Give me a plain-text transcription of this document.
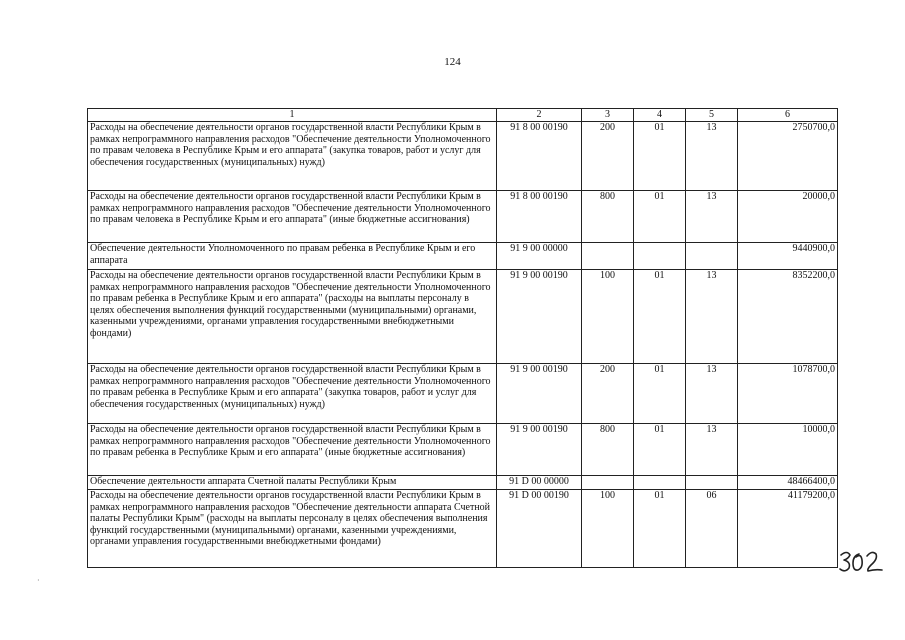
124
1	2	3	4	5	6
Расходы на обеспечение деятельности органов государственной власти Республики Крым в рамках непрограммного направления расходов "Обеспечение деятельности Уполномоченного по правам человека в Республике Крым и его аппарата" (закупка товаров, работ и услуг для обеспечения государственных (муниципальных) нужд)	91 8 00 00190	200	01	13	2750700,0
Расходы на обеспечение деятельности органов государственной власти Республики Крым в рамках непрограммного направления расходов "Обеспечение деятельности Уполномоченного по правам человека в Республике Крым и его аппарата" (иные бюджетные ассигнования)	91 8 00 00190	800	01	13	20000,0
Обеспечение деятельности Уполномоченного по правам ребенка в Республике Крым и его аппарата	91 9 00 00000				9440900,0
Расходы на обеспечение деятельности органов государственной власти Республики Крым в рамках непрограммного направления расходов "Обеспечение деятельности Уполномоченного по правам ребенка в Республике Крым и его аппарата" (расходы на выплаты персоналу в целях обеспечения выполнения функций государственными (муниципальными) органами, казенными учреждениями, органами управления государственными внебюджетными фондами)	91 9 00 00190	100	01	13	8352200,0
Расходы на обеспечение деятельности органов государственной власти Республики Крым в рамках непрограммного направления расходов "Обеспечение деятельности Уполномоченного по правам ребенка в Республике Крым и его аппарата" (закупка товаров, работ и услуг для обеспечения государственных (муниципальных) нужд)	91 9 00 00190	200	01	13	1078700,0
Расходы на обеспечение деятельности органов государственной власти Республики Крым в рамках непрограммного направления расходов "Обеспечение деятельности Уполномоченного по правам ребенка в Республике Крым и его аппарата" (иные бюджетные ассигнования)	91 9 00 00190	800	01	13	10000,0
Обеспечение деятельности аппарата Счетной палаты Республики Крым	91 D 00 00000				48466400,0
Расходы на обеспечение деятельности органов государственной власти Республики Крым в рамках непрограммного направления расходов "Обеспечение деятельности аппарата Счетной палаты Республики Крым" (расходы на выплаты персоналу в целях обеспечения выполнения функций государственными (муниципальными) органами, казенными учреждениями, органами управления государственными внебюджетными фондами)	91 D 00 00190	100	01	06	41179200,0
·
